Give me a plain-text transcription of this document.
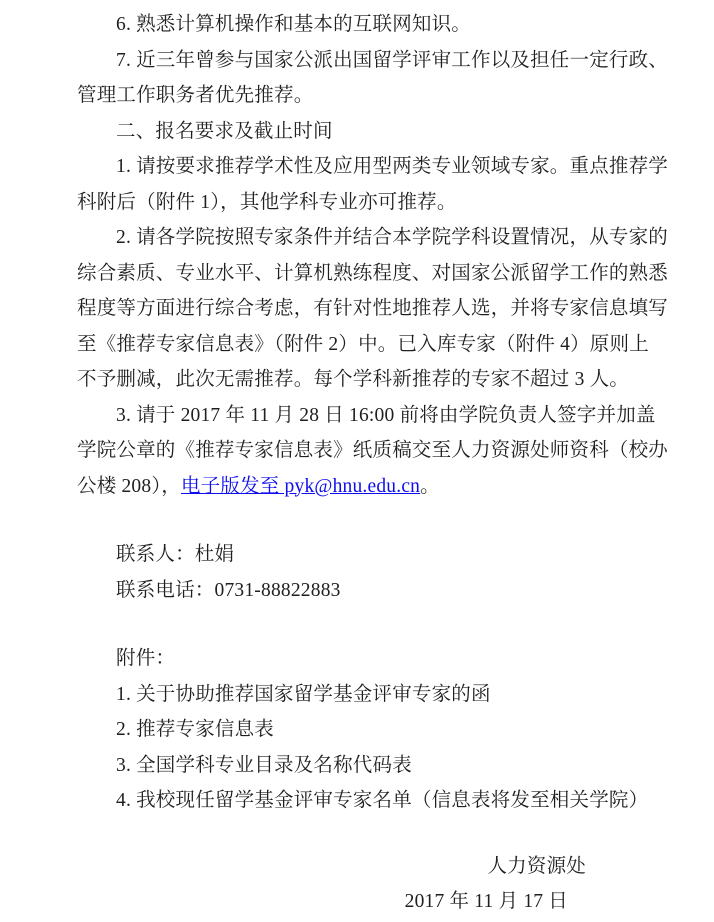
6. 熟悉计算机操作和基本的互联网知识。
7. 近三年曾参与国家公派出国留学评审工作以及担任一定行政、
管理工作职务者优先推荐。
二、报名要求及截止时间
1. 请按要求推荐学术性及应用型两类专业领域专家。重点推荐学
科附后（附件 1），其他学科专业亦可推荐。
2. 请各学院按照专家条件并结合本学院学科设置情况，从专家的
综合素质、专业水平、计算机熟练程度、对国家公派留学工作的熟悉
程度等方面进行综合考虑，有针对性地推荐人选，并将专家信息填写
至《推荐专家信息表》（附件 2）中。已入库专家（附件 4）原则上
不予删减，此次无需推荐。每个学科新推荐的专家不超过 3 人。
3. 请于 2017 年 11 月 28 日 16:00 前将由学院负责人签字并加盖
学院公章的《推荐专家信息表》纸质稿交至人力资源处师资科（校办
公楼 208），电子版发至 pyk@hnu.edu.cn。
联系人：杜娟
联系电话：0731-88822883
附件：
1. 关于协助推荐国家留学基金评审专家的函
2. 推荐专家信息表
3. 全国学科专业目录及名称代码表
4. 我校现任留学基金评审专家名单（信息表将发至相关学院）
人力资源处
2017 年 11 月 17 日
